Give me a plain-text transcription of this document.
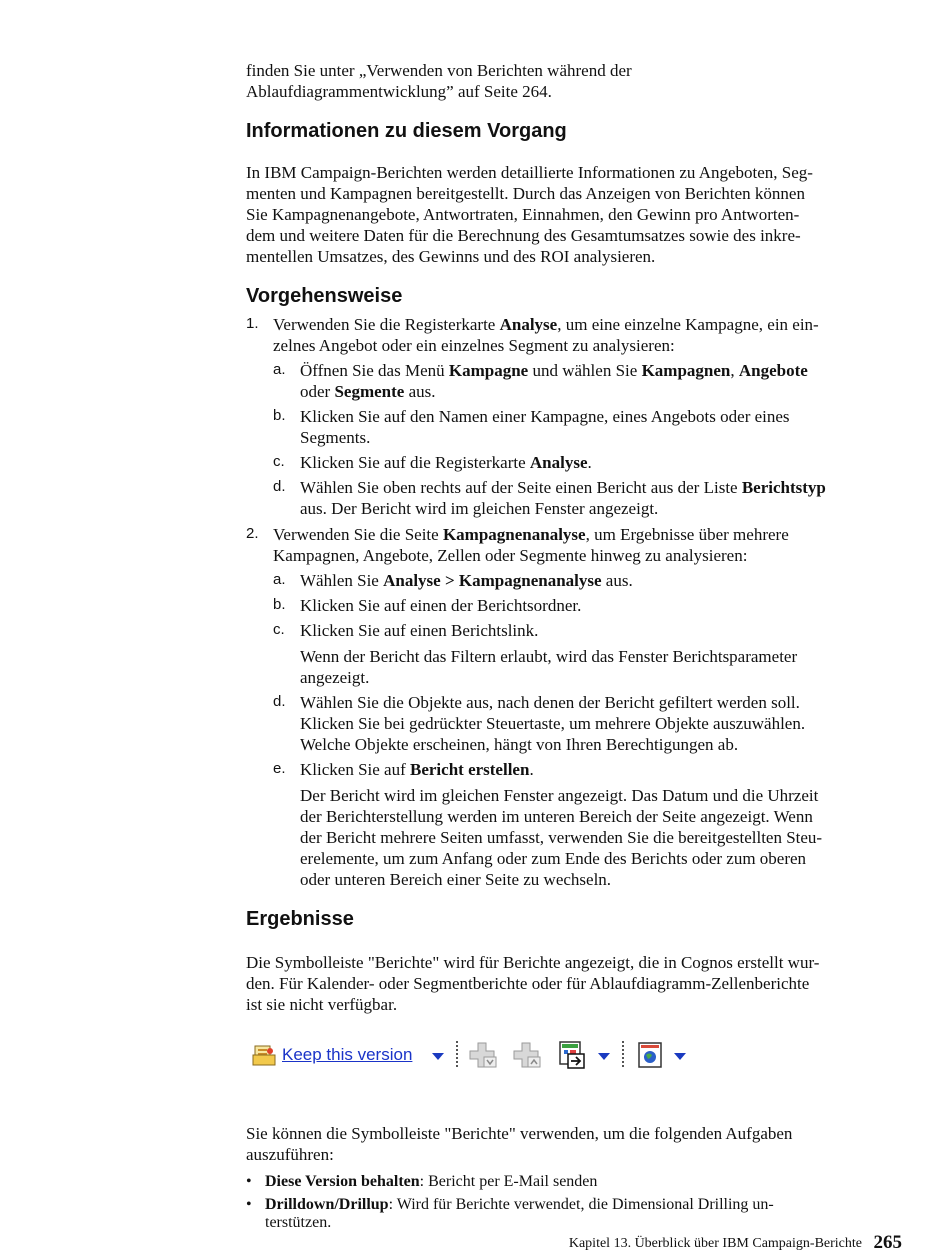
finden Sie unter „Verwenden von Berichten während der
Ablaufdiagrammentwicklung” auf Seite 264.

Informationen zu diesem Vorgang

In IBM Campaign-Berichten werden detaillierte Informationen zu Angeboten, Seg-
menten und Kampagnen bereitgestellt. Durch das Anzeigen von Berichten können
Sie Kampagnenangebote, Antwortraten, Einnahmen, den Gewinn pro Antworten-
dem und weitere Daten für die Berechnung des Gesamtumsatzes sowie des inkre-
mentellen Umsatzes, des Gewinns und des ROI analysieren.

Vorgehensweise
1. Verwenden Sie die Registerkarte Analyse, um eine einzelne Kampagne, ein ein-
zelnes Angebot oder ein einzelnes Segment zu analysieren:
a. Öffnen Sie das Menü Kampagne und wählen Sie Kampagnen, Angebote
oder Segmente aus.
b. Klicken Sie auf den Namen einer Kampagne, eines Angebots oder eines
Segments.
c. Klicken Sie auf die Registerkarte Analyse.
d. Wählen Sie oben rechts auf der Seite einen Bericht aus der Liste Berichtstyp
aus. Der Bericht wird im gleichen Fenster angezeigt.
2. Verwenden Sie die Seite Kampagnenanalyse, um Ergebnisse über mehrere
Kampagnen, Angebote, Zellen oder Segmente hinweg zu analysieren:
a. Wählen Sie Analyse > Kampagnenanalyse aus.
b. Klicken Sie auf einen der Berichtsordner.
c. Klicken Sie auf einen Berichtslink.
Wenn der Bericht das Filtern erlaubt, wird das Fenster Berichtsparameter
angezeigt.
d. Wählen Sie die Objekte aus, nach denen der Bericht gefiltert werden soll.
Klicken Sie bei gedrückter Steuertaste, um mehrere Objekte auszuwählen.
Welche Objekte erscheinen, hängt von Ihren Berechtigungen ab.
e. Klicken Sie auf Bericht erstellen.
Der Bericht wird im gleichen Fenster angezeigt. Das Datum und die Uhrzeit
der Berichterstellung werden im unteren Bereich der Seite angezeigt. Wenn
der Bericht mehrere Seiten umfasst, verwenden Sie die bereitgestellten Steu-
erelemente, um zum Anfang oder zum Ende des Berichts oder zum oberen
oder unteren Bereich einer Seite zu wechseln.
Ergebnisse

Die Symbolleiste "Berichte" wird für Berichte angezeigt, die in Cognos erstellt wur-
den. Für Kalender- oder Segmentberichte oder für Ablaufdiagramm-Zellenberichte
ist sie nicht verfügbar.

Keep this version

Sie können die Symbolleiste "Berichte" verwenden, um die folgenden Aufgaben
auszuführen:

• Diese Version behalten: Bericht per E-Mail senden
• Drilldown/Drillup: Wird für Berichte verwendet, die Dimensional Drilling un-
terstützen.
Kapitel 13. Überblick über IBM Campaign-Berichte 265
